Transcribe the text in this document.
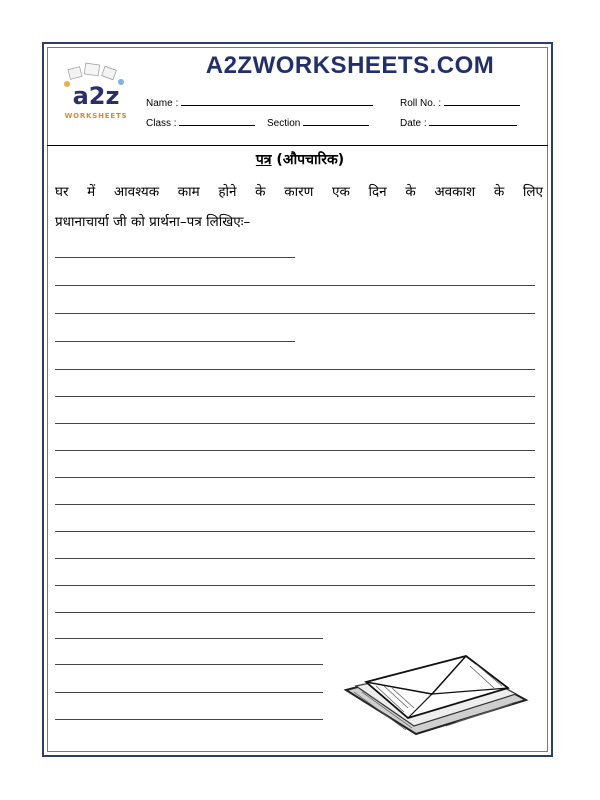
a2z
WORKSHEETS
A2ZWORKSHEETS.COM
Name :	Roll No. :
Class :	Section	Date :
पत्र (औपचारिक)
घर में आवश्यक काम होने के कारण एक दिन के अवकाश के लिए
प्रधानाचार्या जी को प्रार्थना–पत्र लिखिएः–
